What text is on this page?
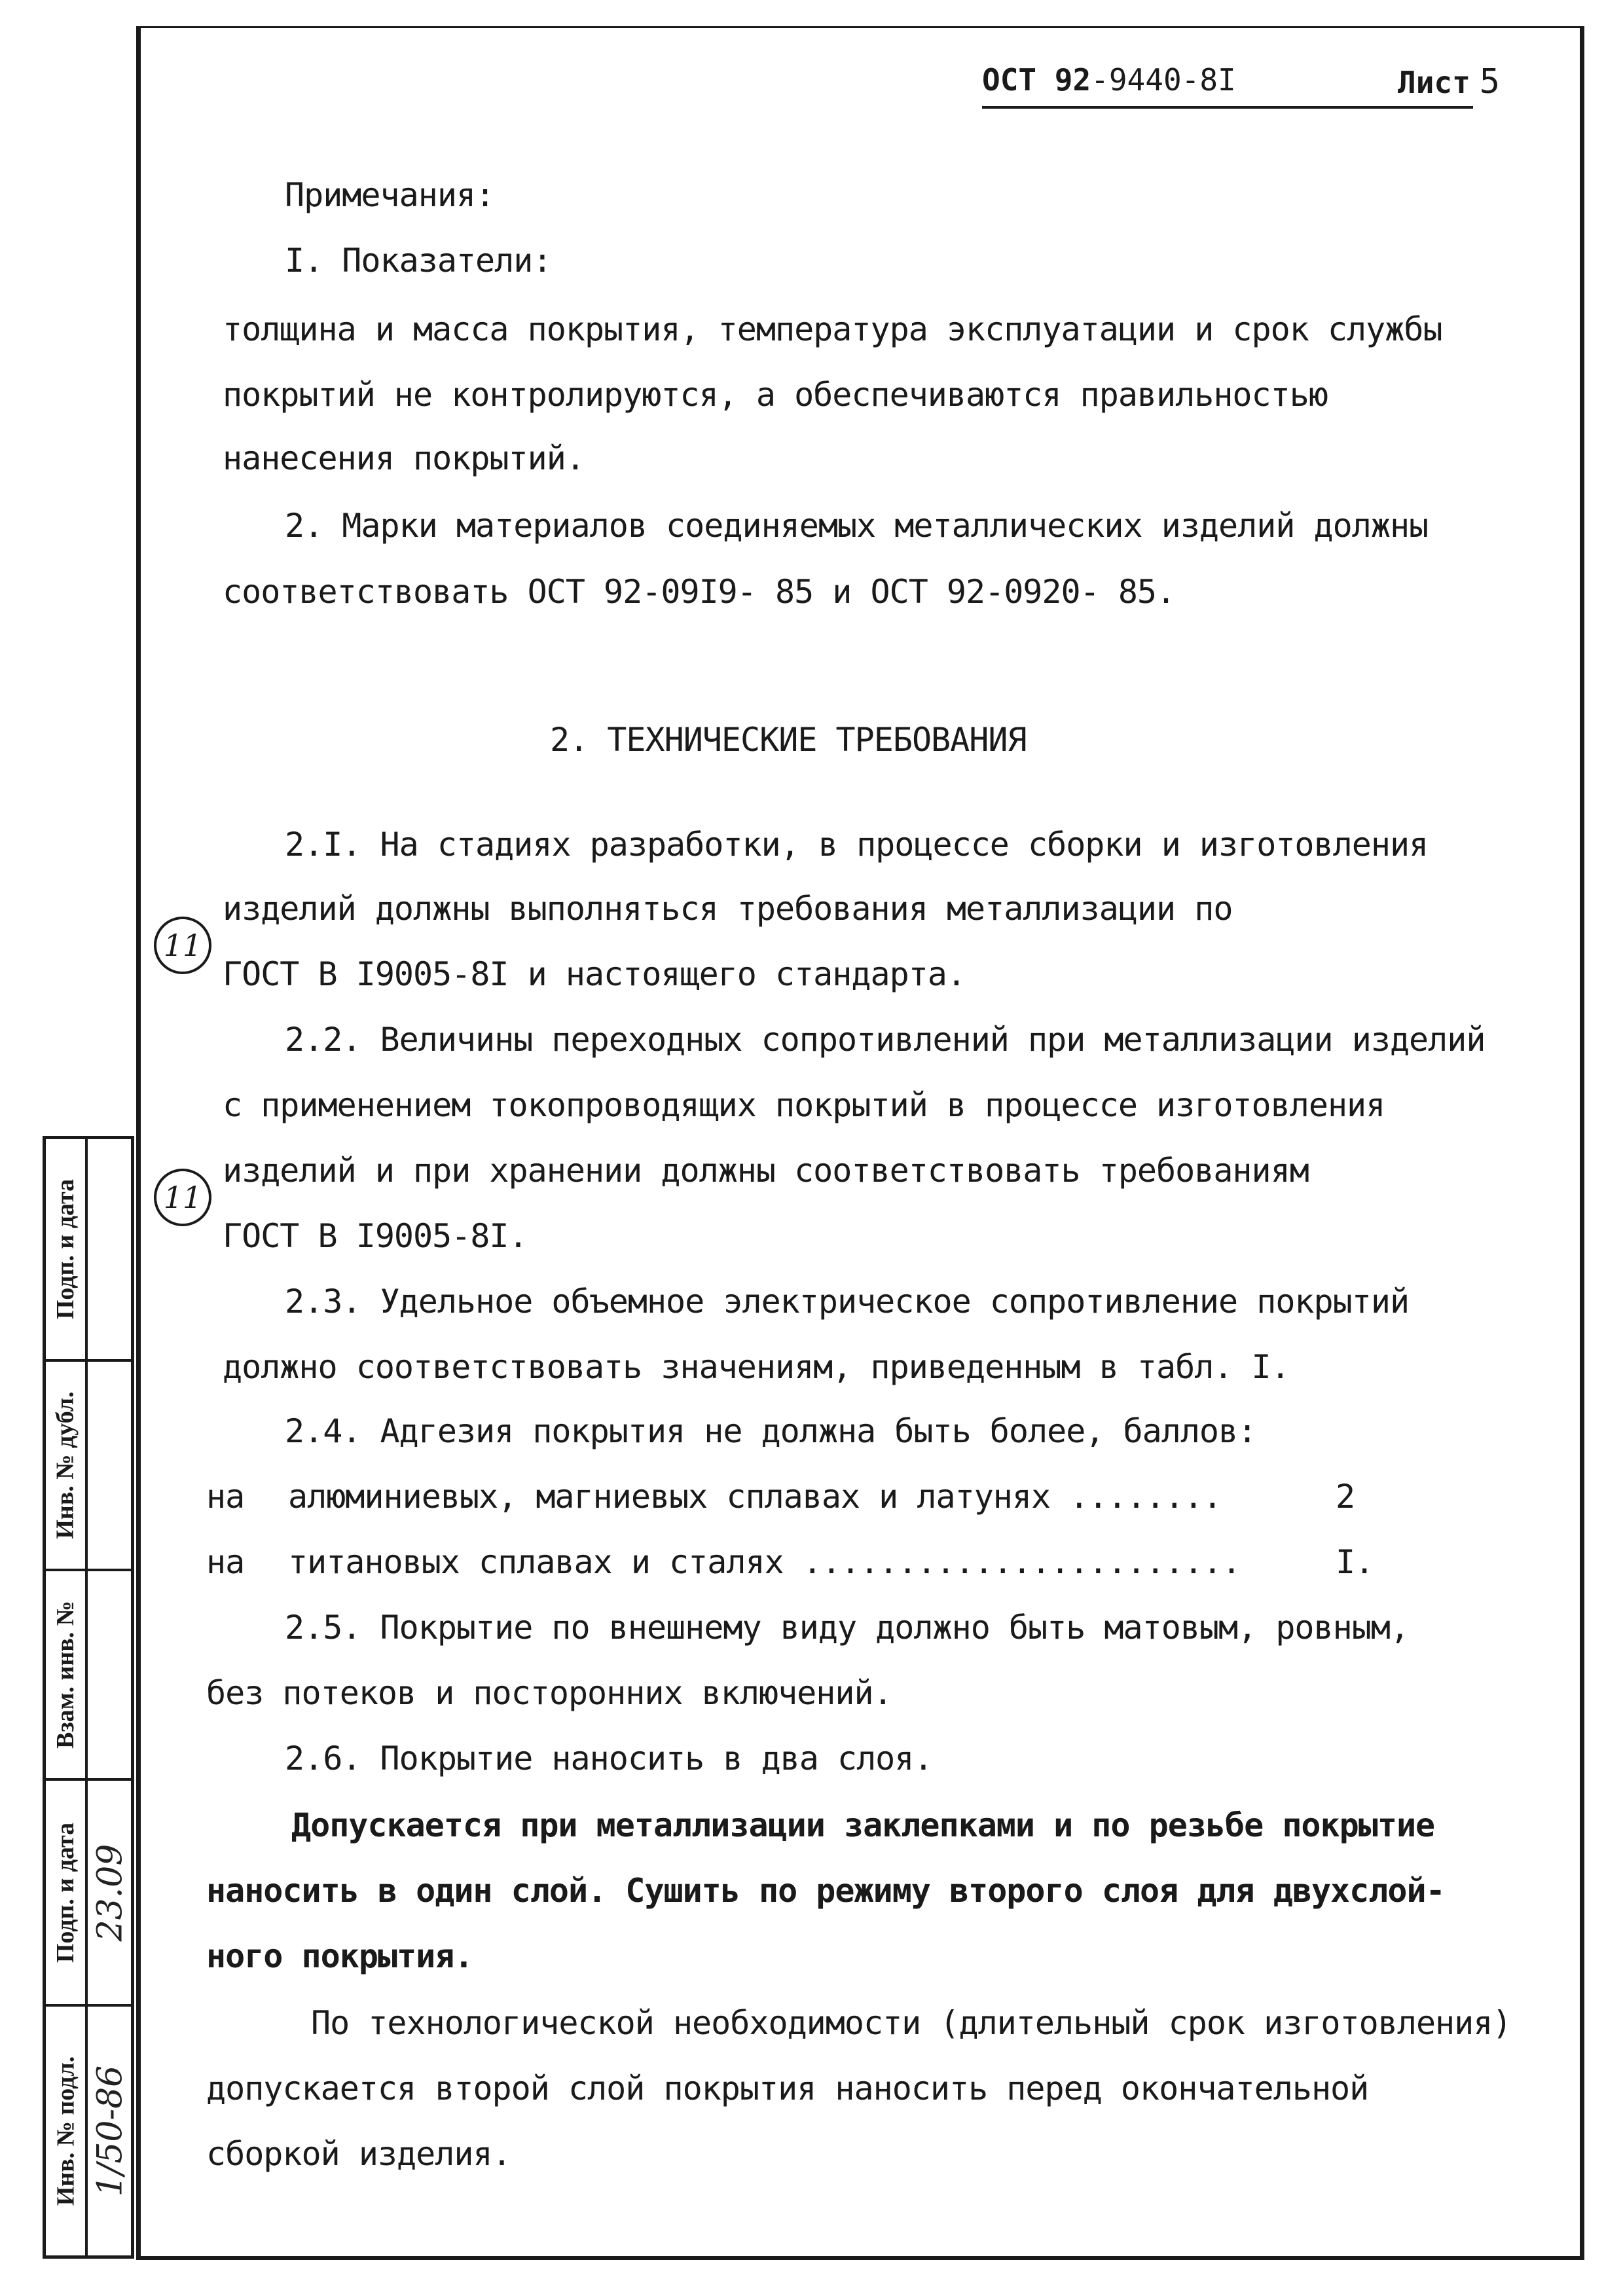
ОСТ 92-9440-8I	Лист 5
Примечания:
I. Показатели:
толщина и масса покрытия, температура эксплуатации и срок службы
покрытий не контролируются, а обеспечиваются правильностью
нанесения покрытий.
2. Марки материалов соединяемых металлических изделий должны
соответствовать ОСТ 92-09I9- 85 и ОСТ 92-0920- 85.
2. ТЕХНИЧЕСКИЕ ТРЕБОВАНИЯ
2.I. На стадиях разработки, в процессе сборки и изготовления
изделий должны выполняться требования металлизации по
ГОСТ В I9005-8I и настоящего стандарта.
11
2.2. Величины переходных сопротивлений при металлизации изделий
с применением токопроводящих покрытий в процессе изготовления
изделий и при хранении должны соответствовать требованиям
ГОСТ В I9005-8I.
11
2.3. Удельное объемное электрическое сопротивление покрытий
должно соответствовать значениям, приведенным в табл. I.
2.4. Адгезия покрытия не должна быть более, баллов:
на алюминиевых, магниевых сплавах и латунях ........	2
на титановых сплавах и сталях .......................	I.
2.5. Покрытие по внешнему виду должно быть матовым, ровным,
без потеков и посторонних включений.
2.6. Покрытие наносить в два слоя.
Допускается при металлизации заклепками и по резьбе покрытие
наносить в один слой. Сушить по режиму второго слоя для двухслой-
ного покрытия.
По технологической необходимости (длительный срок изготовления)
допускается второй слой покрытия наносить перед окончательной
сборкой изделия.
Подп. и дата
Инв. № дубл.
Взам. инв. №
Подп. и дата 23.09
Инв. № подл. 1/50-86
